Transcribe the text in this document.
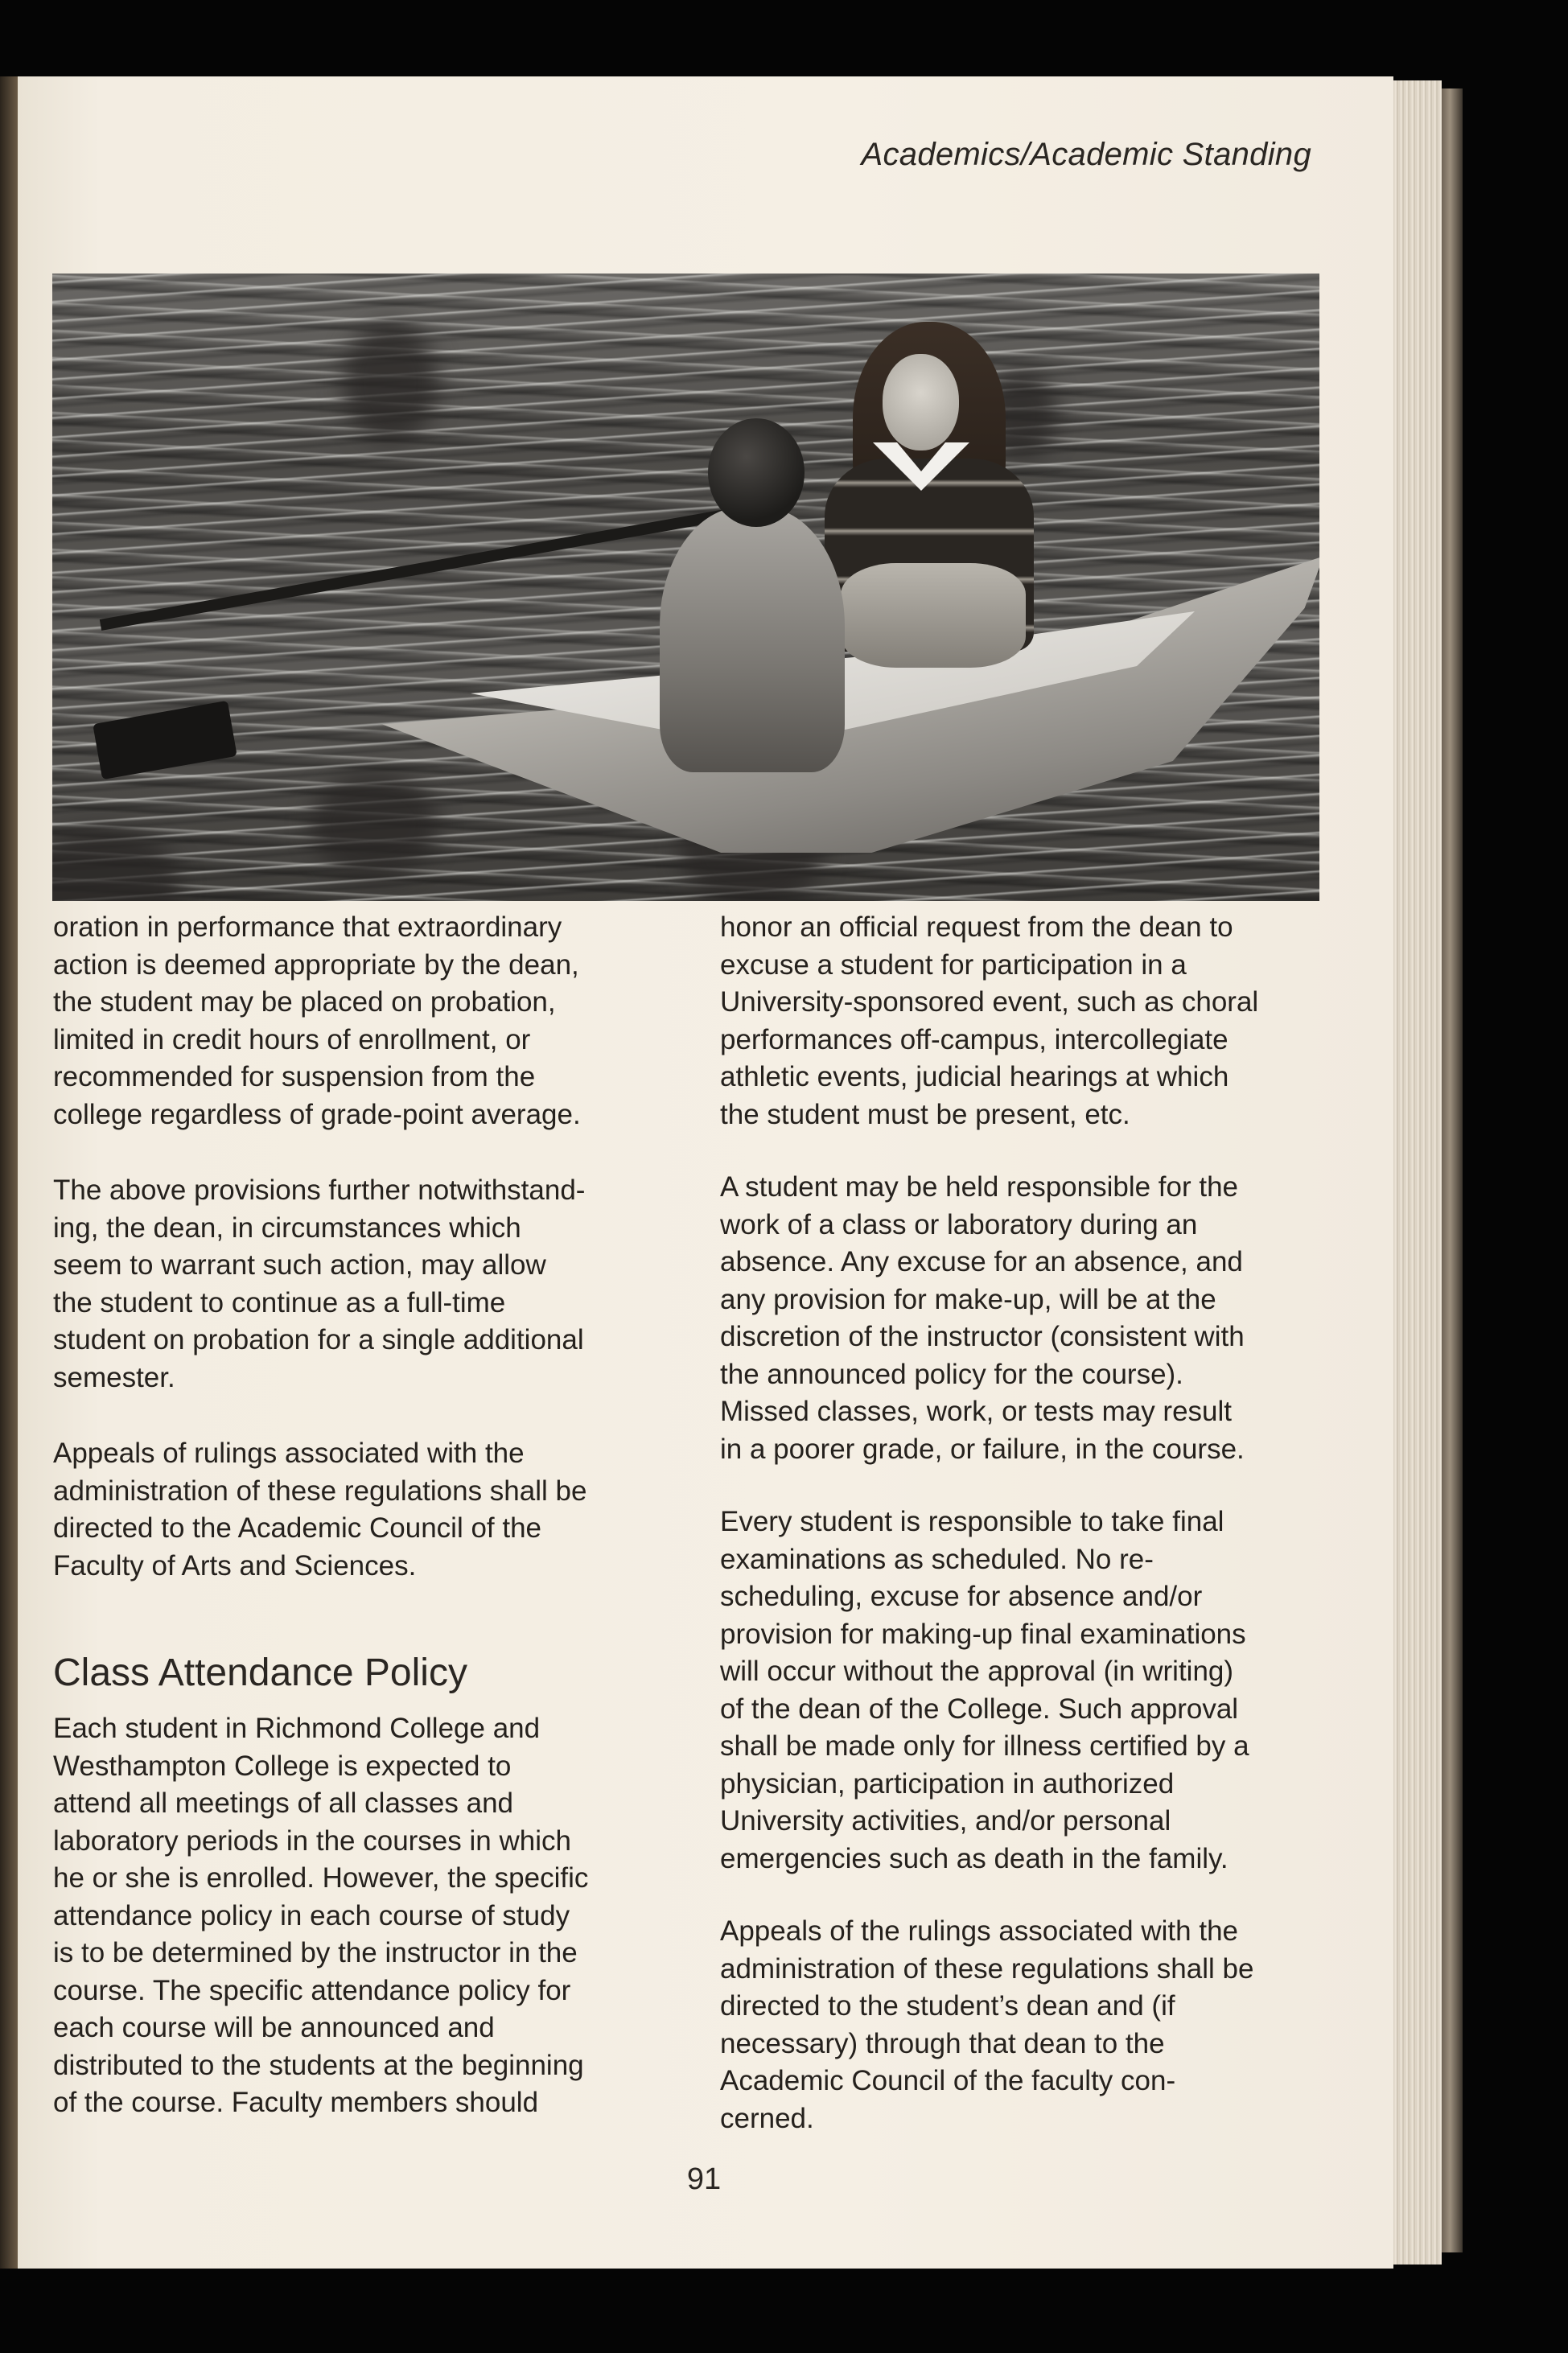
Academics/Academic Standing

oration in performance that extraordinary
action is deemed appropriate by the dean,
the student may be placed on probation,
limited in credit hours of enrollment, or
recommended for suspension from the
college regardless of grade-point average.

The above provisions further notwithstand-
ing, the dean, in circumstances which
seem to warrant such action, may allow
the student to continue as a full-time
student on probation for a single additional
semester.

Appeals of rulings associated with the
administration of these regulations shall be
directed to the Academic Council of the
Faculty of Arts and Sciences.

Class Attendance Policy

Each student in Richmond College and
Westhampton College is expected to
attend all meetings of all classes and
laboratory periods in the courses in which
he or she is enrolled. However, the specific
attendance policy in each course of study
is to be determined by the instructor in the
course. The specific attendance policy for
each course will be announced and
distributed to the students at the beginning
of the course. Faculty members should

honor an official request from the dean to
excuse a student for participation in a
University-sponsored event, such as choral
performances off-campus, intercollegiate
athletic events, judicial hearings at which
the student must be present, etc.

A student may be held responsible for the
work of a class or laboratory during an
absence. Any excuse for an absence, and
any provision for make-up, will be at the
discretion of the instructor (consistent with
the announced policy for the course).
Missed classes, work, or tests may result
in a poorer grade, or failure, in the course.

Every student is responsible to take final
examinations as scheduled. No re-
scheduling, excuse for absence and/or
provision for making-up final examinations
will occur without the approval (in writing)
of the dean of the College. Such approval
shall be made only for illness certified by a
physician, participation in authorized
University activities, and/or personal
emergencies such as death in the family.

Appeals of the rulings associated with the
administration of these regulations shall be
directed to the student’s dean and (if
necessary) through that dean to the
Academic Council of the faculty con-
cerned.

91
